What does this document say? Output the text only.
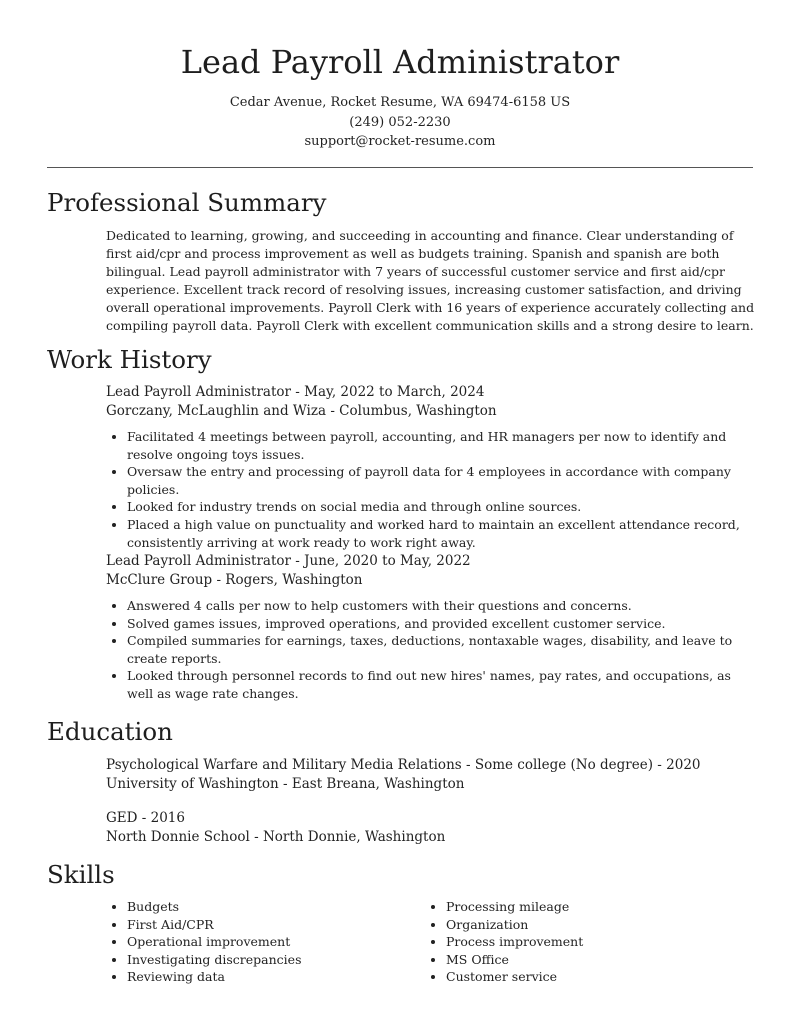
Lead Payroll Administrator
Cedar Avenue, Rocket Resume, WA 69474-6158 US
(249) 052-2230
support@rocket-resume.com
Professional Summary
Dedicated to learning, growing, and succeeding in accounting and finance. Clear understanding of first aid/cpr and process improvement as well as budgets training. Spanish and spanish are both bilingual. Lead payroll administrator with 7 years of successful customer service and first aid/cpr experience. Excellent track record of resolving issues, increasing customer satisfaction, and driving overall operational improvements. Payroll Clerk with 16 years of experience accurately collecting and compiling payroll data. Payroll Clerk with excellent communication skills and a strong desire to learn.
Work History
Lead Payroll Administrator - May, 2022 to March, 2024
Gorczany, McLaughlin and Wiza - Columbus, Washington
• Facilitated 4 meetings between payroll, accounting, and HR managers per now to identify and resolve ongoing toys issues.
• Oversaw the entry and processing of payroll data for 4 employees in accordance with company policies.
• Looked for industry trends on social media and through online sources.
• Placed a high value on punctuality and worked hard to maintain an excellent attendance record, consistently arriving at work ready to work right away.
Lead Payroll Administrator - June, 2020 to May, 2022
McClure Group - Rogers, Washington
• Answered 4 calls per now to help customers with their questions and concerns.
• Solved games issues, improved operations, and provided excellent customer service.
• Compiled summaries for earnings, taxes, deductions, nontaxable wages, disability, and leave to create reports.
• Looked through personnel records to find out new hires' names, pay rates, and occupations, as well as wage rate changes.
Education
Psychological Warfare and Military Media Relations - Some college (No degree) - 2020
University of Washington - East Breana, Washington
GED - 2016
North Donnie School - North Donnie, Washington
Skills
• Budgets
• First Aid/CPR
• Operational improvement
• Investigating discrepancies
• Reviewing data
• Processing mileage
• Organization
• Process improvement
• MS Office
• Customer service
